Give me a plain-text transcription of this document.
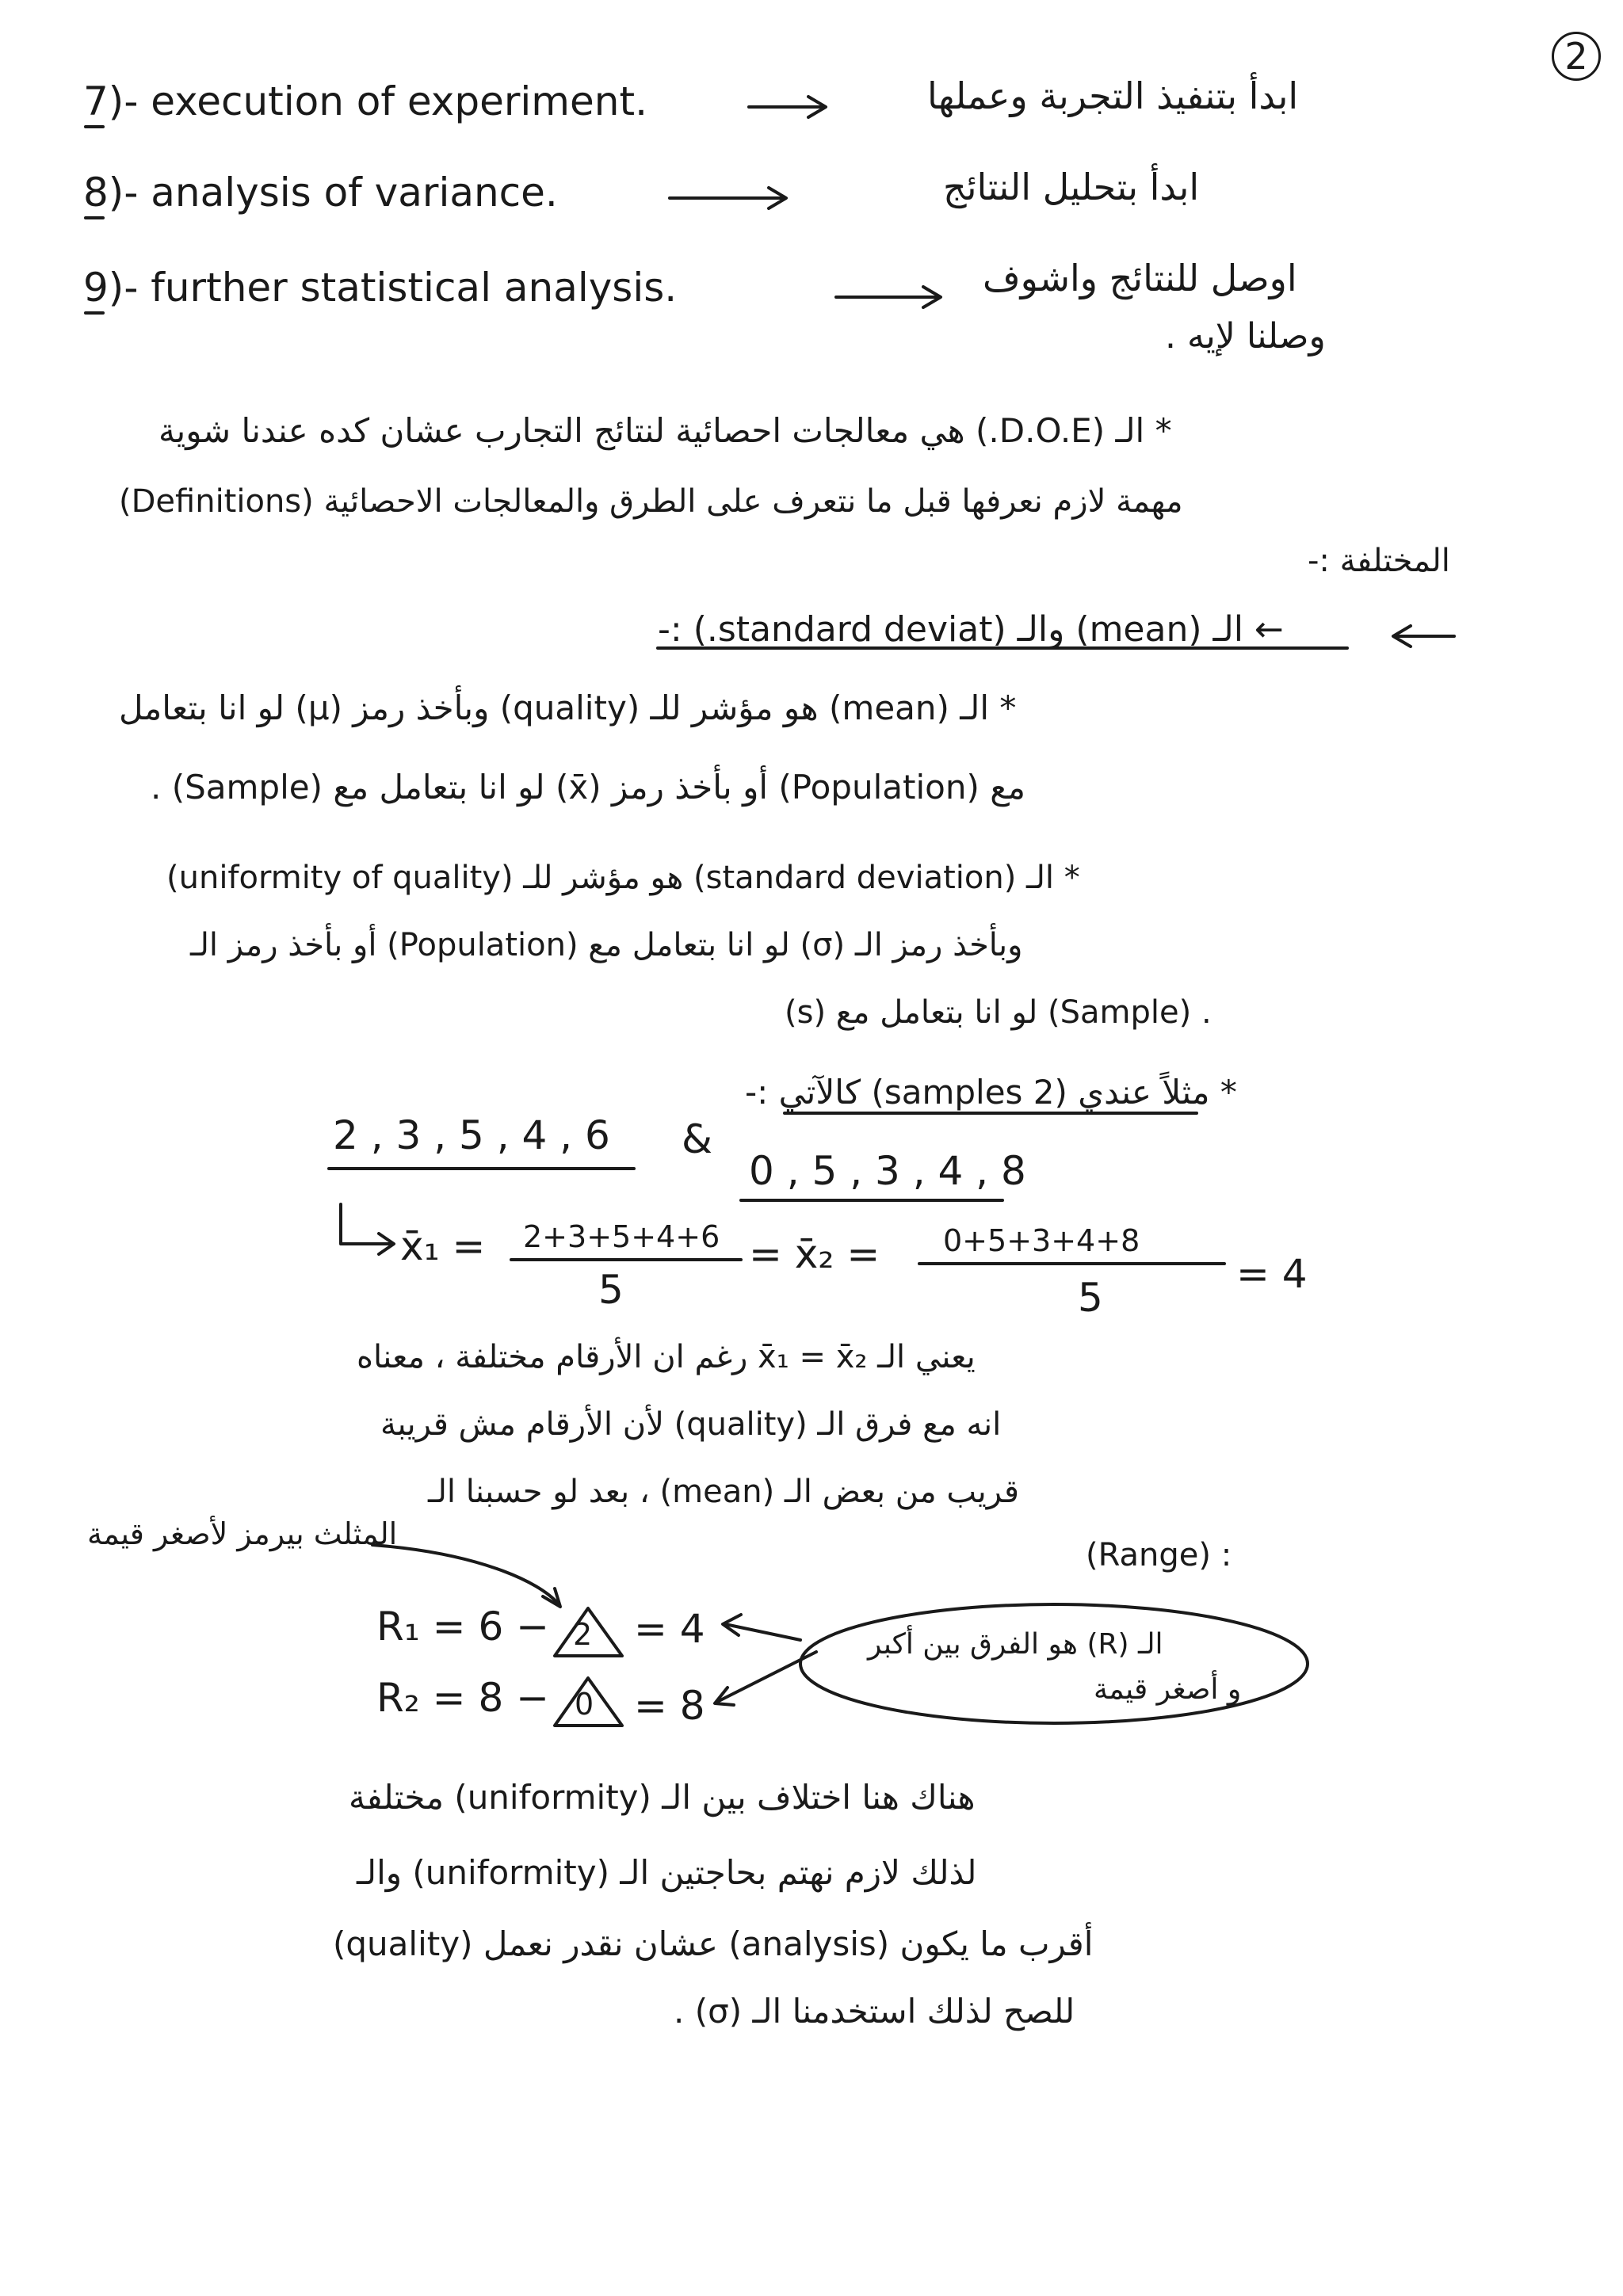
2
7)- execution of experiment.	ابدأ بتنفيذ التجربة وعملها
8)- analysis of variance.	ابدأ بتحليل النتائج
9)- further statistical analysis.	اوصل للنتائج واشوف
وصلنا لإيه .
* الـ (D.O.E.) هي معالجات احصائية لنتائج التجارب عشان كده عندنا شوية
مهمة لازم نعرفها قبل ما نتعرف على الطرق والمعالجات الاحصائية (Definitions)
المختلفة :-
← الـ (mean) والـ (standard deviat.) :-
* الـ (mean) هو مؤشر للـ (quality) وبأخذ رمز (μ) لو انا بتعامل
مع (Population) أو بأخذ رمز (x̄) لو انا بتعامل مع (Sample) .
* الـ (standard deviation) هو مؤشر للـ (uniformity of quality)
وبأخذ رمز الـ (σ) لو انا بتعامل مع (Population) أو بأخذ رمز الـ
(s) لو انا بتعامل مع (Sample) .
* مثلاً عندي (2 samples) كالآتي :-
2 , 3 , 5 , 4 , 6 &
0 , 5 , 3 , 4 , 8
x̄₁ = 2+3+5+4+6
5
= x̄₂ = 0+5+3+4+8
5
= 4
يعني الـ x̄₁ = x̄₂ رغم ان الأرقام مختلفة ، معناه
انه مع فرق الـ (quality) لأن الأرقام مش قريبة
قريب من بعض الـ (mean) ، بعد لو حسبنا الـ
(Range) :
المثلث بيرمز لأصغر قيمة
R₁ = 6 − 2 = 4
R₂ = 8 − 0 = 8
الـ (R) هو الفرق بين أكبر
و أصغر قيمة
هناك هنا اختلاف بين الـ (uniformity) مختلفة
لذلك لازم نهتم بحاجتين الـ (uniformity) والـ
(quality) عشان نقدر نعمل (analysis) أقرب ما يكون
للصح لذلك استخدمنا الـ (σ) .
